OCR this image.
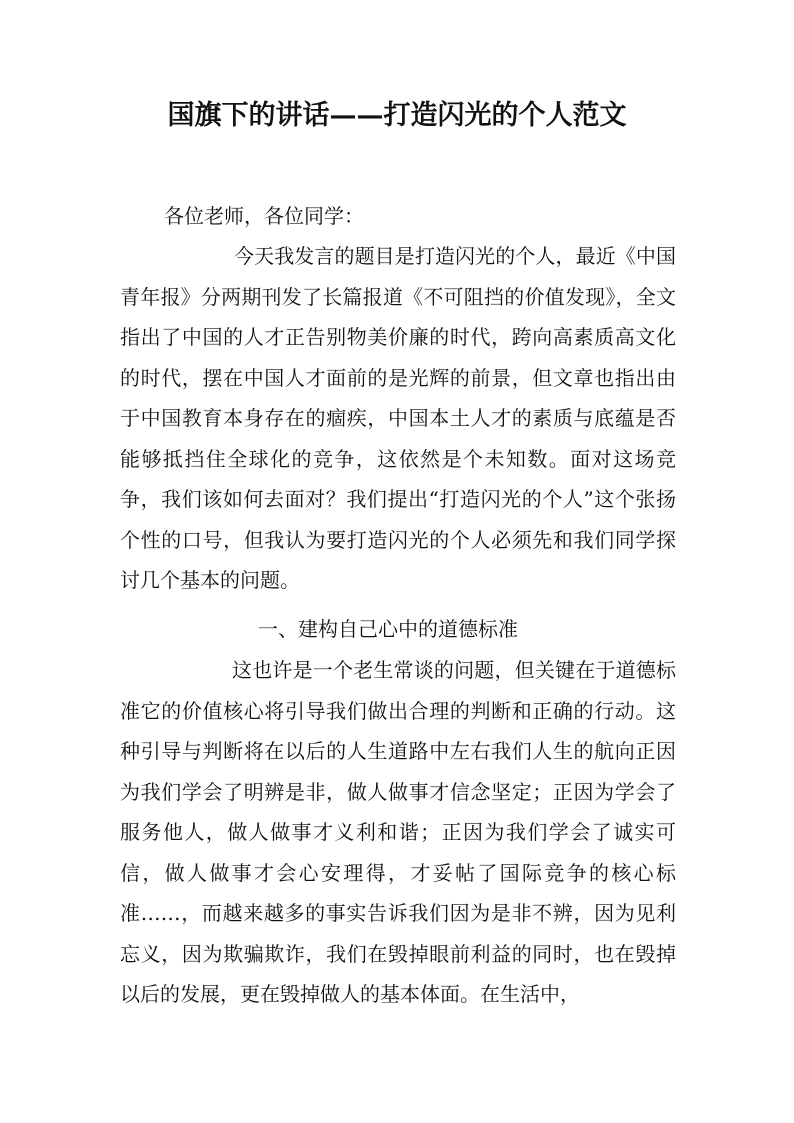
国旗下的讲话——打造闪光的个人范文

各位老师，各位同学：

今天我发言的题目是打造闪光的个人，最近《中国青年报》分两期刊发了长篇报道《不可阻挡的价值发现》，全文指出了中国的人才正告别物美价廉的时代，跨向高素质高文化的时代，摆在中国人才面前的是光辉的前景，但文章也指出由于中国教育本身存在的痼疾，中国本土人才的素质与底蕴是否能够抵挡住全球化的竞争，这依然是个未知数。面对这场竞争，我们该如何去面对？我们提出“打造闪光的个人”这个张扬个性的口号，但我认为要打造闪光的个人必须先和我们同学探讨几个基本的问题。

一、建构自己心中的道德标准

这也许是一个老生常谈的问题，但关键在于道德标准它的价值核心将引导我们做出合理的判断和正确的行动。这种引导与判断将在以后的人生道路中左右我们人生的航向正因为我们学会了明辨是非，做人做事才信念坚定；正因为学会了服务他人，做人做事才义利和谐；正因为我们学会了诚实可信，做人做事才会心安理得，才妥帖了国际竞争的核心标准……，而越来越多的事实告诉我们因为是非不辨，因为见利忘义，因为欺骗欺诈，我们在毁掉眼前利益的同时，也在毁掉以后的发展，更在毁掉做人的基本体面。在生活中，
